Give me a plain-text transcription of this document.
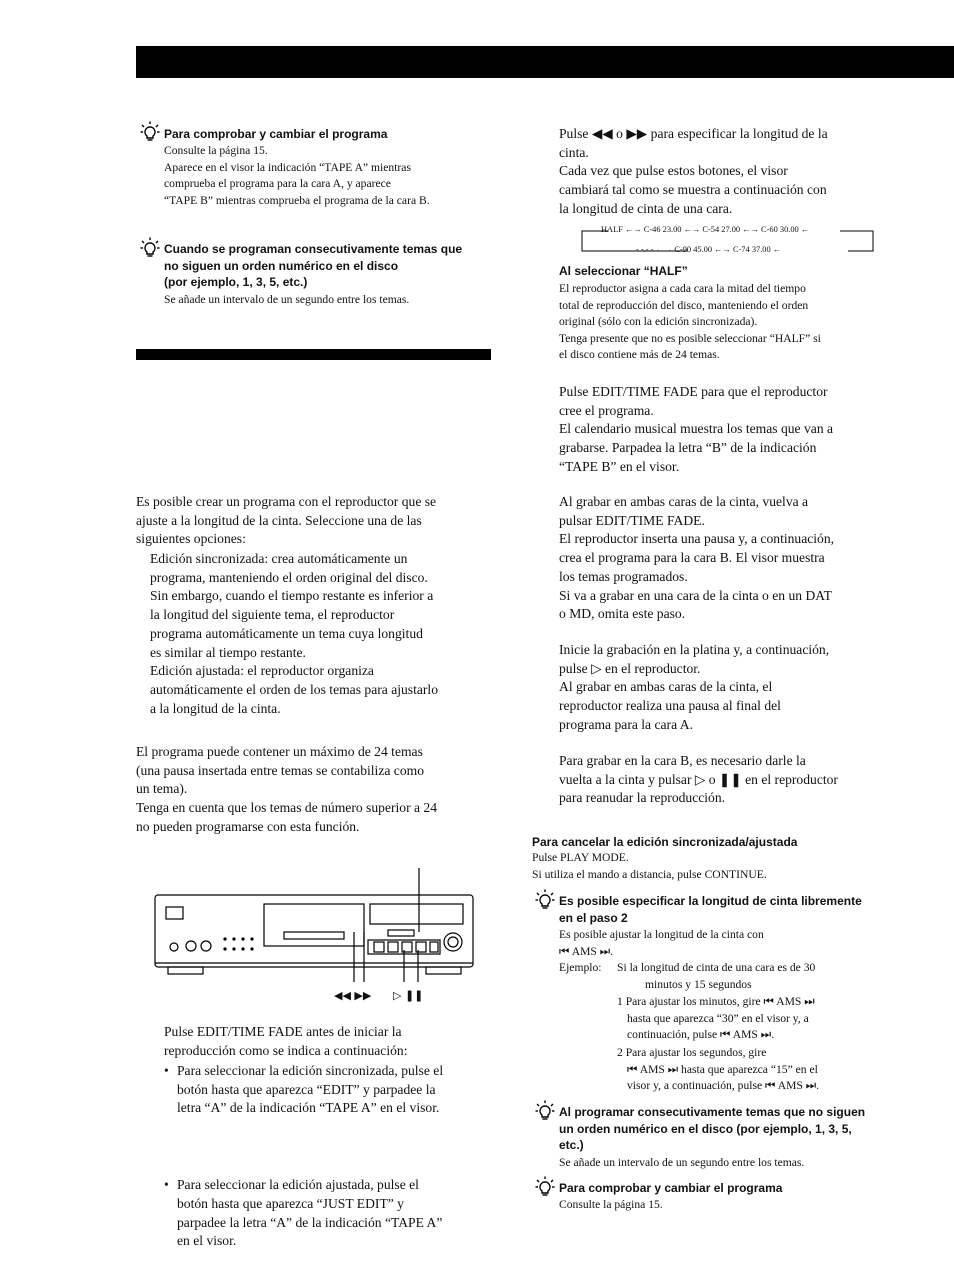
Para comprobar y cambiar el programa
Consulte la página 15.
Aparece en el visor la indicación “TAPE A” mientras
comprueba el programa para la cara A, y aparece
“TAPE B” mientras comprueba el programa de la cara B.
Cuando se programan consecutivamente temas que
no siguen un orden numérico en el disco
(por ejemplo, 1, 3, 5, etc.)
Se añade un intervalo de un segundo entre los temas.
Es posible crear un programa con el reproductor que se
ajuste a la longitud de la cinta. Seleccione una de las
siguientes opciones:
Edición sincronizada: crea automáticamente un
programa, manteniendo el orden original del disco.
Sin embargo, cuando el tiempo restante es inferior a
la longitud del siguiente tema, el reproductor
programa automáticamente un tema cuya longitud
es similar al tiempo restante.
Edición ajustada: el reproductor organiza
automáticamente el orden de los temas para ajustarlo
a la longitud de la cinta.
El programa puede contener un máximo de 24 temas
(una pausa insertada entre temas se contabiliza como
un tema).
Tenga en cuenta que los temas de número superior a 24
no pueden programarse con esta función.
◀◀ ▶▶ ▷ ❚❚
Pulse EDIT/TIME FADE antes de iniciar la
reproducción como se indica a continuación:
• Para seleccionar la edición sincronizada, pulse el
botón hasta que aparezca “EDIT” y parpadee la
letra “A” de la indicación “TAPE A” en el visor.
• Para seleccionar la edición ajustada, pulse el
botón hasta que aparezca “JUST EDIT” y
parpadee la letra “A” de la indicación “TAPE A”
en el visor.
Pulse ◀◀ o ▶▶ para especificar la longitud de la
cinta.
Cada vez que pulse estos botones, el visor
cambiará tal como se muestra a continuación con
la longitud de cinta de una cara.
HALF ←→ C-46 23.00 ←→ C-54 27.00 ←→ C-60 30.00 ←
- -.- - ←→ C-90 45.00 ←→ C-74 37.00 ←
Al seleccionar “HALF”
El reproductor asigna a cada cara la mitad del tiempo
total de reproducción del disco, manteniendo el orden
original (sólo con la edición sincronizada).
Tenga presente que no es posible seleccionar “HALF” si
el disco contiene más de 24 temas.
Pulse EDIT/TIME FADE para que el reproductor
cree el programa.
El calendario musical muestra los temas que van a
grabarse. Parpadea la letra “B” de la indicación
“TAPE B” en el visor.
Al grabar en ambas caras de la cinta, vuelva a
pulsar EDIT/TIME FADE.
El reproductor inserta una pausa y, a continuación,
crea el programa para la cara B. El visor muestra
los temas programados.
Si va a grabar en una cara de la cinta o en un DAT
o MD, omita este paso.
Inicie la grabación en la platina y, a continuación,
pulse ▷ en el reproductor.
Al grabar en ambas caras de la cinta, el
reproductor realiza una pausa al final del
programa para la cara A.
Para grabar en la cara B, es necesario darle la
vuelta a la cinta y pulsar ▷ o ❚❚ en el reproductor
para reanudar la reproducción.
Para cancelar la edición sincronizada/ajustada
Pulse PLAY MODE.
Si utiliza el mando a distancia, pulse CONTINUE.
Es posible especificar la longitud de cinta libremente
en el paso 2
Es posible ajustar la longitud de la cinta con
⏮ AMS ⏭.
Ejemplo: Si la longitud de cinta de una cara es de 30
minutos y 15 segundos
1 Para ajustar los minutos, gire ⏮ AMS ⏭
hasta que aparezca “30” en el visor y, a
continuación, pulse ⏮ AMS ⏭.
2 Para ajustar los segundos, gire
⏮ AMS ⏭ hasta que aparezca “15” en el
visor y, a continuación, pulse ⏮ AMS ⏭.
Al programar consecutivamente temas que no siguen
un orden numérico en el disco (por ejemplo, 1, 3, 5,
etc.)
Se añade un intervalo de un segundo entre los temas.
Para comprobar y cambiar el programa
Consulte la página 15.
